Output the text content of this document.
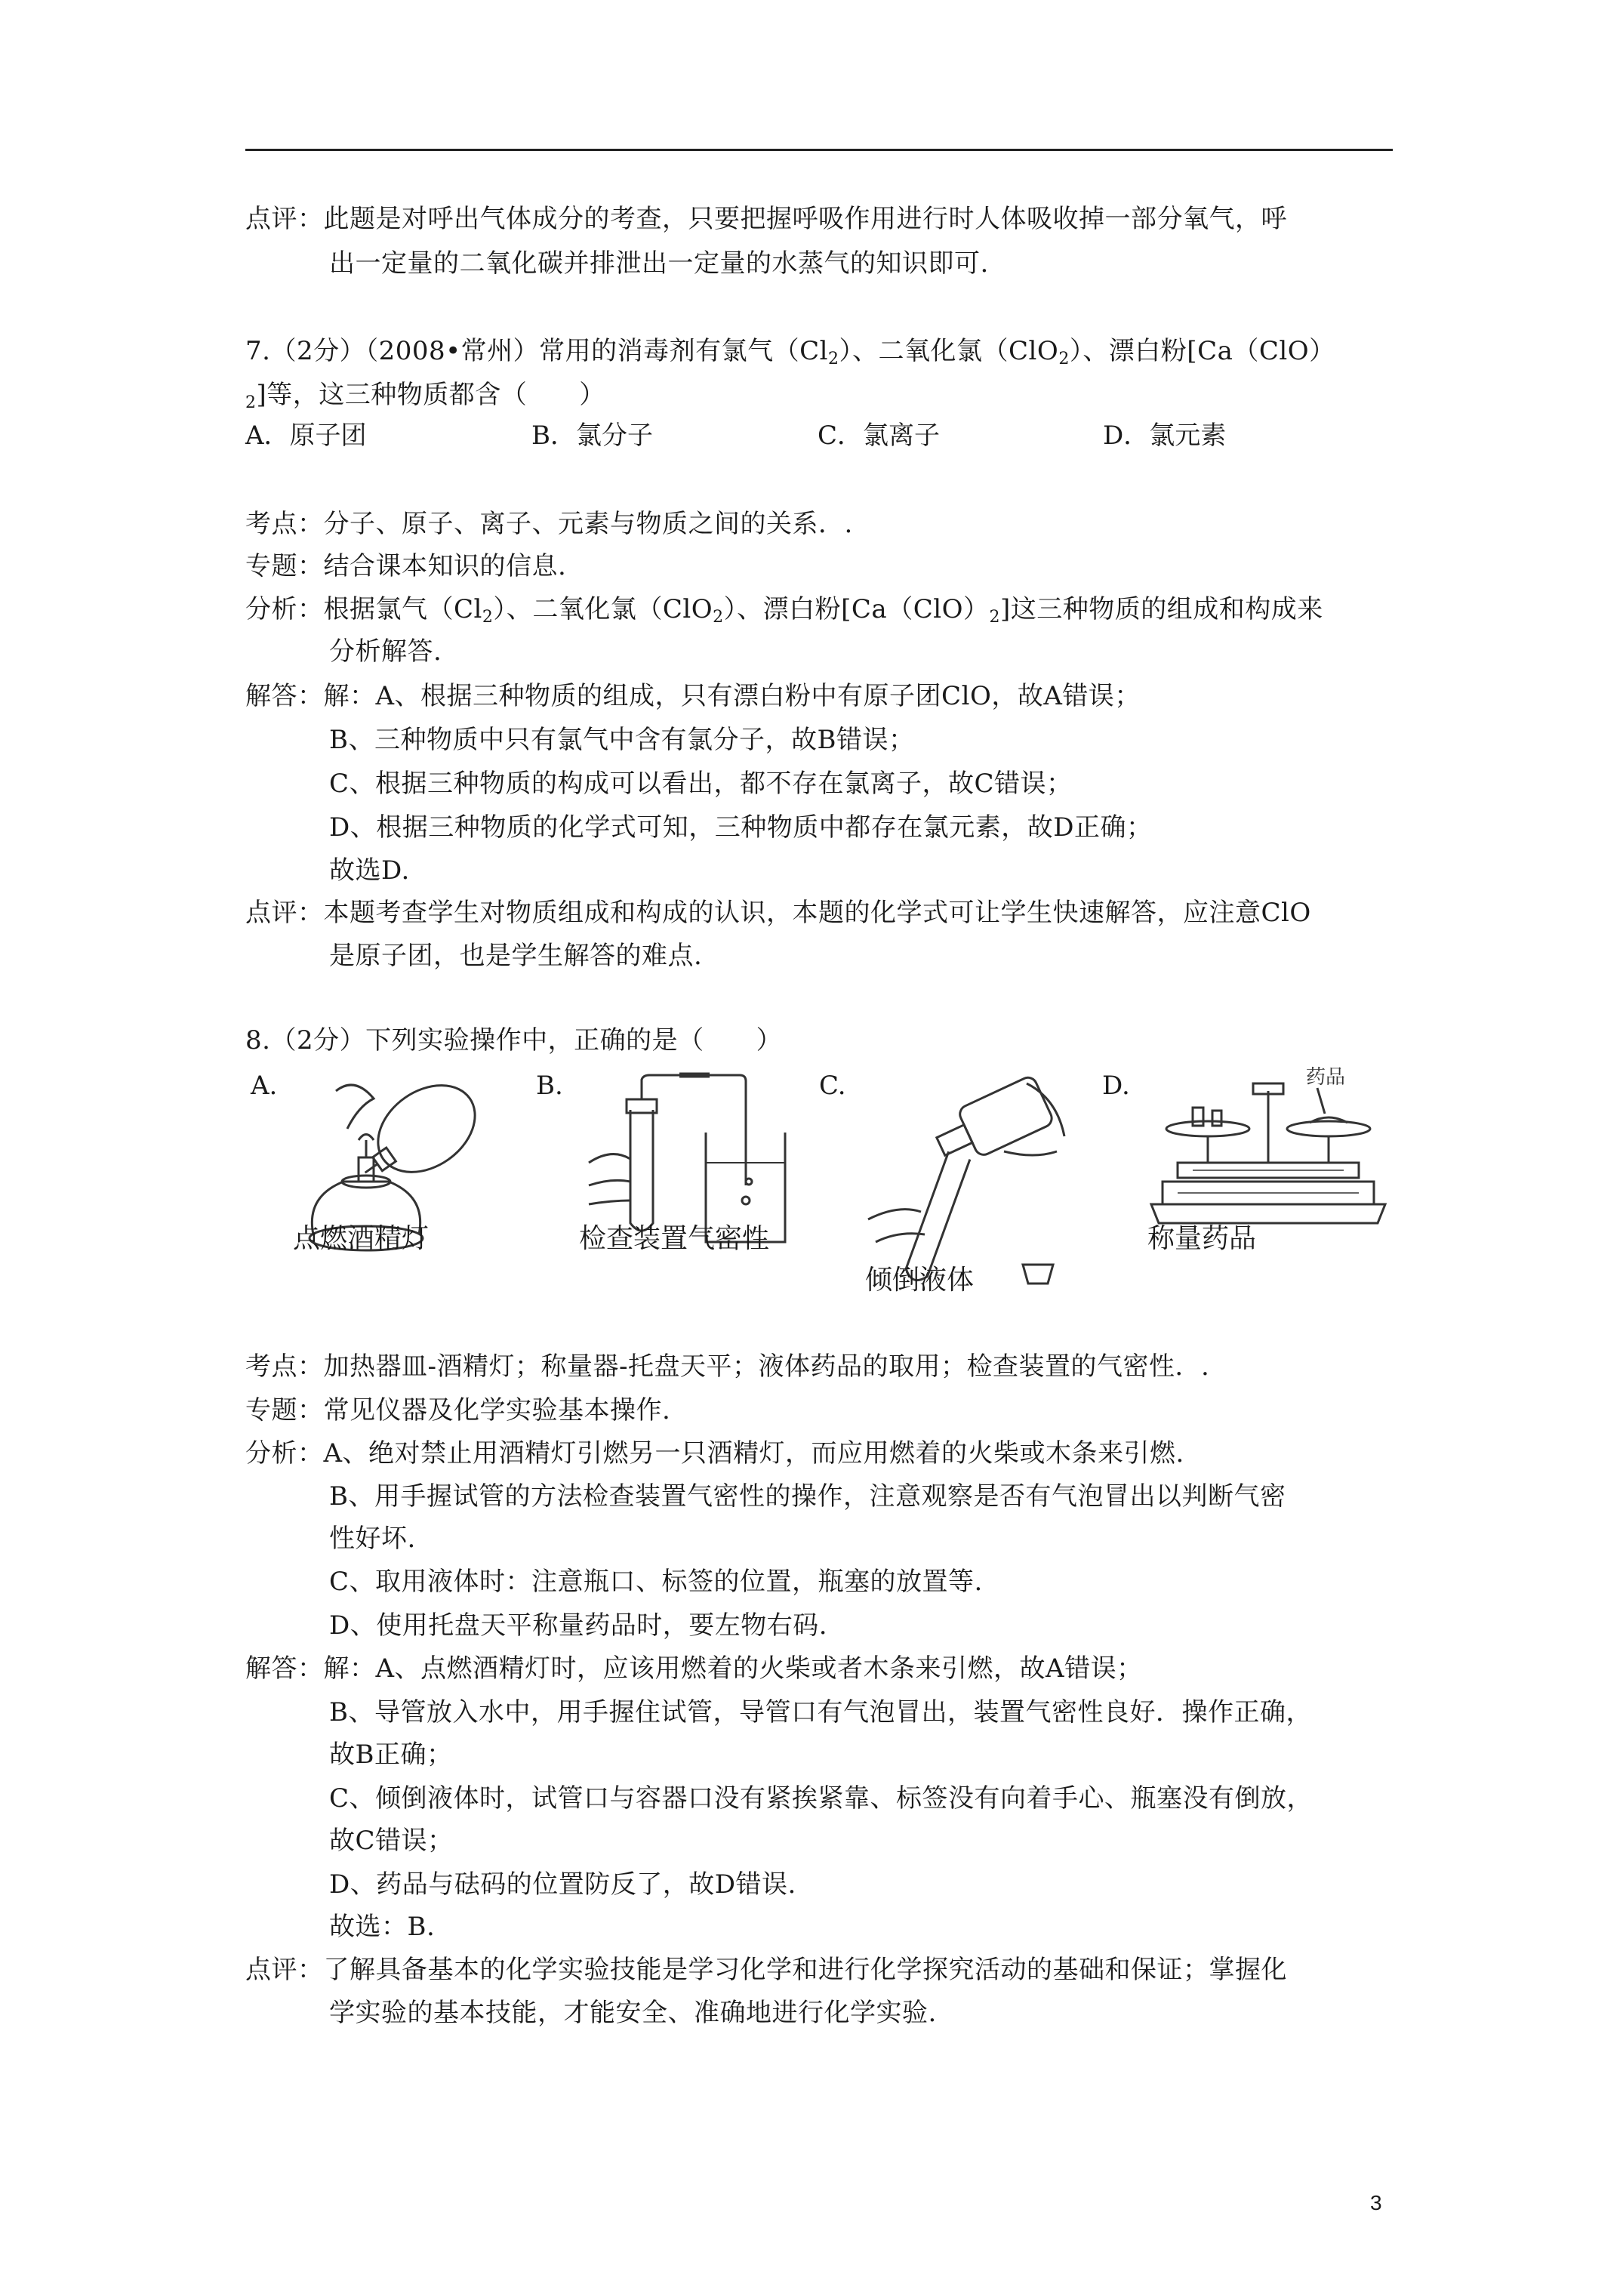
点评：此题是对呼出气体成分的考查，只要把握呼吸作用进行时人体吸收掉一部分氧气，呼
出一定量的二氧化碳并排泄出一定量的水蒸气的知识即可.
7.（2分）（2008•常州）常用的消毒剂有氯气$(Cl_2)$、二氧化氯（ClO$_2$）、漂白粉[Ca（ClO）
$_2$]等，这三种物质都含（　　）
A．原子团	B．氯分子	C．氯离子	D．氯元素
考点：分子、原子、离子、元素与物质之间的关系．.
专题：结合课本知识的信息.
分析：根据氯气$(Cl_2)$、二氧化氯（ClO$_2$）、漂白粉$[Ca(ClO)_2]$这三种物质的组成和构成来
分析解答.
解答：解：A、根据三种物质的组成，只有漂白粉中有原子团ClO，故A错误；
B、三种物质中只有氯气中含有氯分子，故B错误；
C、根据三种物质的构成可以看出，都不存在氯离子，故C错误；
D、根据三种物质的化学式可知，三种物质中都存在氯元素，故D正确；
故选D.
点评：本题考查学生对物质组成和构成的认识，本题的化学式可让学生快速解答，应注意ClO
是原子团，也是学生解答的难点.
8.（2分）下列实验操作中，正确的是（　　）
A.	B.	C.	D.	药品
点燃酒精灯	检查装置气密性
倾倒液体
称量药品
考点：加热器皿-酒精灯；称量器-托盘天平；液体药品的取用；检查装置的气密性．.
专题：常见仪器及化学实验基本操作.
分析：A、绝对禁止用酒精灯引燃另一只酒精灯，而应用燃着的火柴或木条来引燃.
B、用手握试管的方法检查装置气密性的操作，注意观察是否有气泡冒出以判断气密
性好坏.
C、取用液体时：注意瓶口、标签的位置，瓶塞的放置等.
D、使用托盘天平称量药品时，要左物右码.
解答：解：A、点燃酒精灯时，应该用燃着的火柴或者木条来引燃，故A错误；
B、导管放入水中，用手握住试管，导管口有气泡冒出，装置气密性良好．操作正确，
故B正确；
C、倾倒液体时，试管口与容器口没有紧挨紧靠、标签没有向着手心、瓶塞没有倒放，
故C错误；
D、药品与砝码的位置防反了，故D错误.
故选：B.
点评：了解具备基本的化学实验技能是学习化学和进行化学探究活动的基础和保证；掌握化
学实验的基本技能，才能安全、准确地进行化学实验.
3
